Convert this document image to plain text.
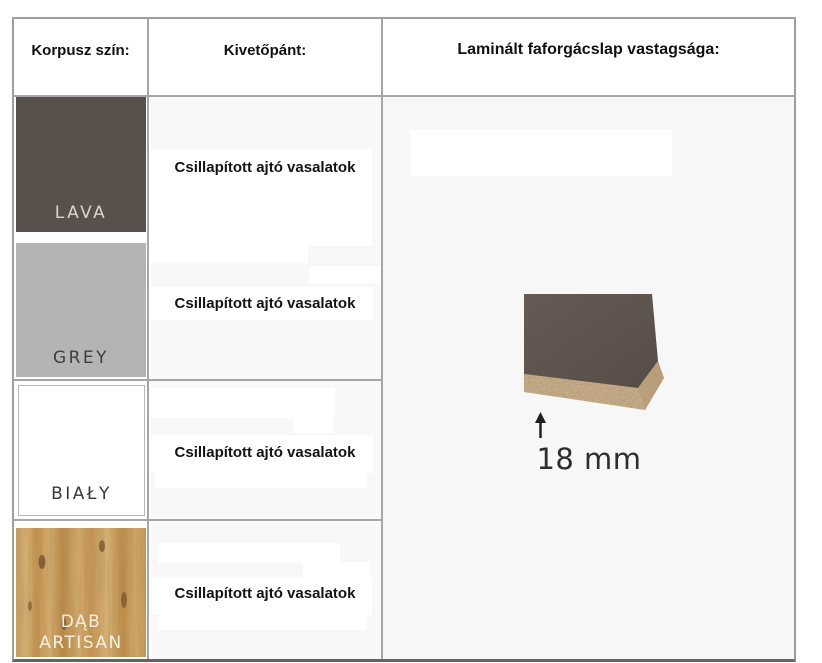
Korpusz szín:	Kivetőpánt:	Laminált faforgácslap vastagsága:
LAVA
GREY
BIAŁY
DĄB
ARTISAN
Csillapított ajtó vasalatok
Csillapított ajtó vasalatok
Csillapított ajtó vasalatok
Csillapított ajtó vasalatok
18 mm
